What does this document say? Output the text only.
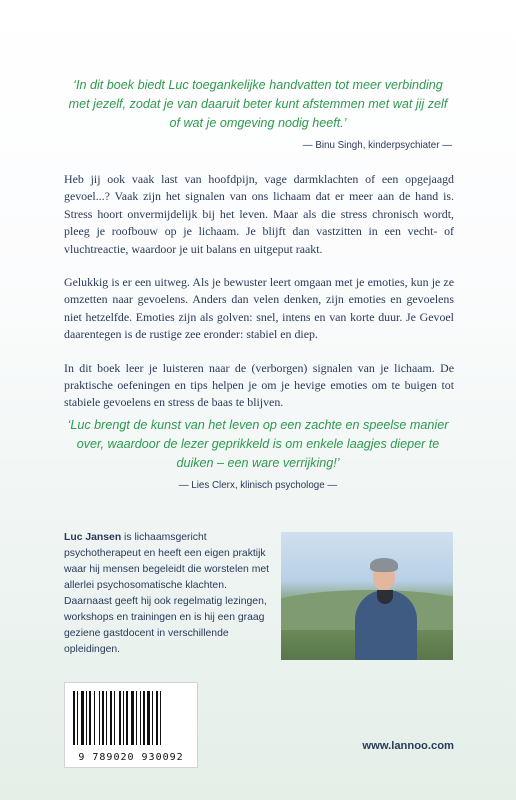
‘In dit boek biedt Luc toegankelijke handvatten tot meer verbinding met jezelf, zodat je van daaruit beter kunt afstemmen met wat jij zelf of wat je omgeving nodig heeft.’
— Binu Singh, kinderpsychiater —

Heb jij ook vaak last van hoofdpijn, vage darmklachten of een opgejaagd gevoel...? Vaak zijn het signalen van ons lichaam dat er meer aan de hand is. Stress hoort onvermijdelijk bij het leven. Maar als die stress chronisch wordt, pleeg je roofbouw op je lichaam. Je blijft dan vastzitten in een vecht- of vluchtreactie, waardoor je uit balans en uitgeput raakt.

Gelukkig is er een uitweg. Als je bewuster leert omgaan met je emoties, kun je ze omzetten naar gevoelens. Anders dan velen denken, zijn emoties en gevoelens niet hetzelfde. Emoties zijn als golven: snel, intens en van korte duur. Je Gevoel daarentegen is de rustige zee eronder: stabiel en diep.

In dit boek leer je luisteren naar de (verborgen) signalen van je lichaam. De praktische oefeningen en tips helpen je om je hevige emoties om te buigen tot stabiele gevoelens en stress de baas te blijven.

‘Luc brengt de kunst van het leven op een zachte en speelse manier over, waardoor de lezer geprikkeld is om enkele laagjes dieper te duiken – een ware verrijking!’
— Lies Clerx, klinisch psychologe —
Luc Jansen is lichaamsgericht psychotherapeut en heeft een eigen praktijk waar hij mensen begeleidt die worstelen met allerlei psychosomatische klachten. Daarnaast geeft hij ook regelmatig lezingen, workshops en trainingen en is hij een graag geziene gastdocent in verschillende opleidingen.
9 789020 930092
www.lannoo.com
